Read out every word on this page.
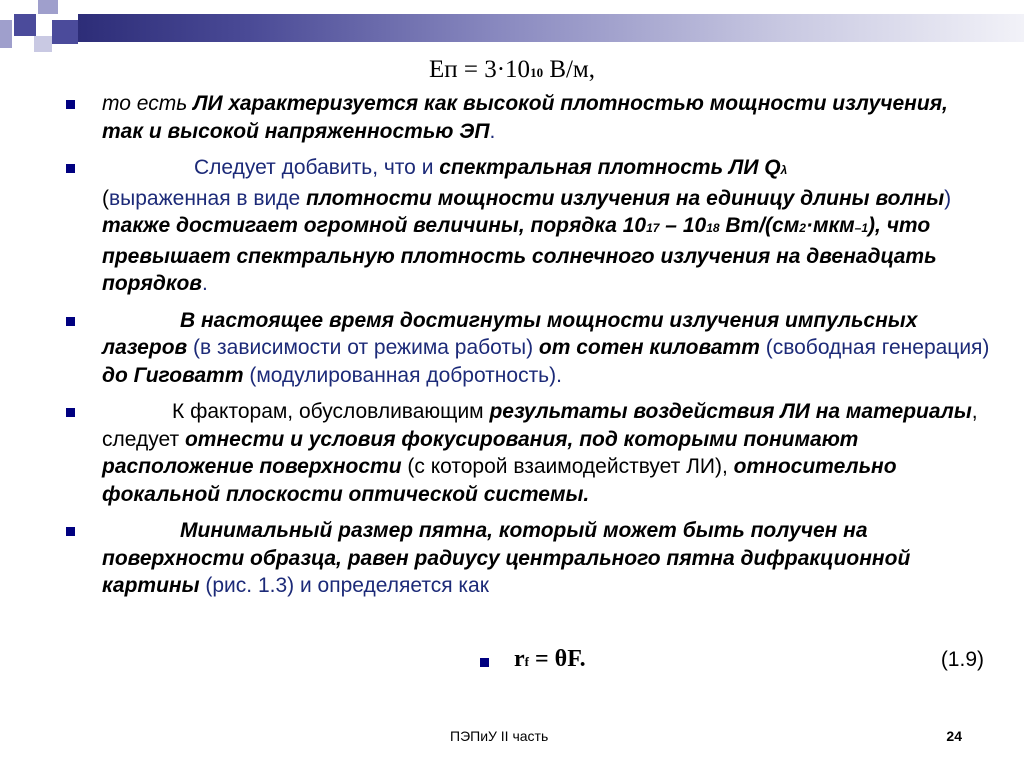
Еп = 3·1010 В/м,
то есть ЛИ характеризуется как высокой плотностью мощности излучения, так и высокой напряженностью ЭП.
Следует добавить, что и спектральная плотность ЛИ Qλ
(выраженная в виде плотности мощности излучения на единицу длины волны) также достигает огромной величины, порядка 1017 – 1018 Вт/(см2·мкм–1), что превышает спектральную плотность солнечного излучения на двенадцать порядков.
В настоящее время достигнуты мощности излучения импульсных лазеров (в зависимости от режима работы) от сотен киловатт (свободная генерация) до Гиговатт (модулированная добротность).
К факторам, обусловливающим результаты воздействия ЛИ на материалы, следует отнести и условия фокусирования, под которыми понимают расположение поверхности (с которой взаимодействует ЛИ), относительно фокальной плоскости оптической системы.
Минимальный размер пятна, который может быть получен на поверхности образца, равен радиусу центрального пятна дифракционной картины (рис. 1.3) и определяется как
rf = θF.	(1.9)
ПЭПиУ II часть	24
